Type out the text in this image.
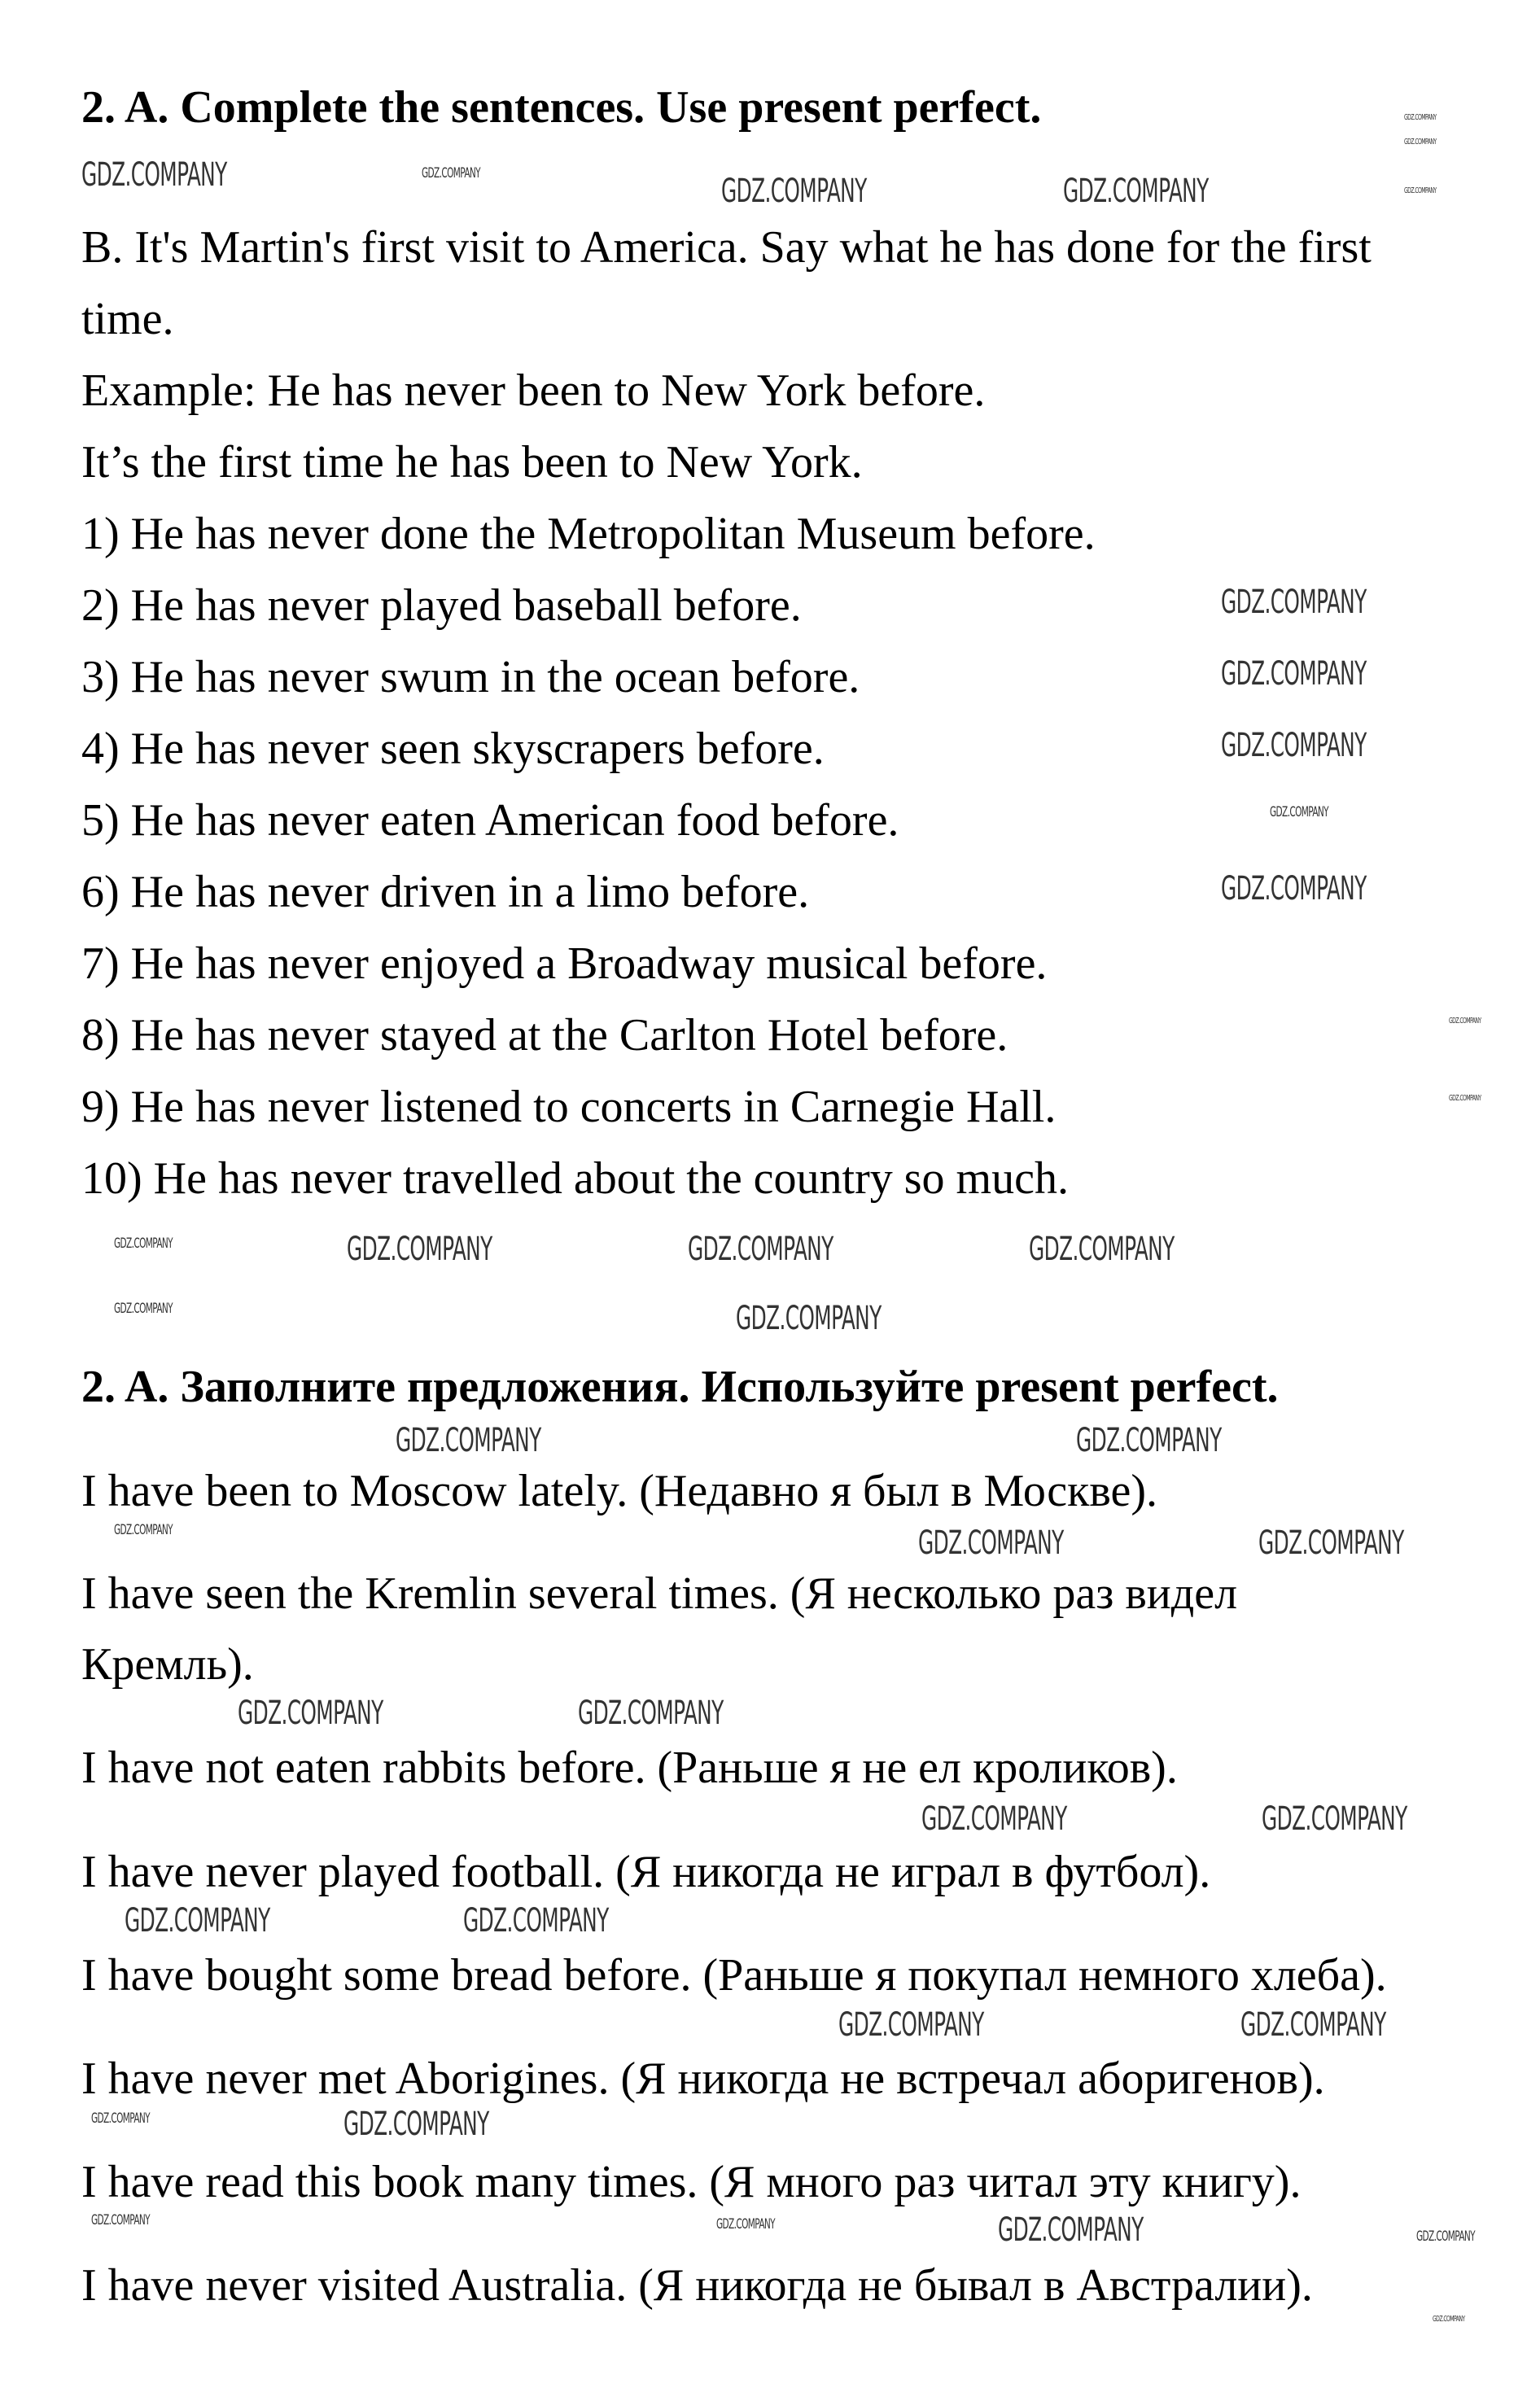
2. A. Complete the sentences. Use present perfect.
B. It's Martin's first visit to America. Say what he has done for the first
time.
Example: He has never been to New York before.
It’s the first time he has been to New York.
1) He has never done the Metropolitan Museum before.
2) He has never played baseball before.
3) He has never swum in the ocean before.
4) He has never seen skyscrapers before.
5) He has never eaten American food before.
6) He has never driven in a limo before.
7) He has never enjoyed a Broadway musical before.
8) He has never stayed at the Carlton Hotel before.
9) He has never listened to concerts in Carnegie Hall.
10) He has never travelled about the country so much.
2. A. Заполните предложения. Используйте present perfect.
I have been to Moscow lately. (Недавно я был в Москве).
I have seen the Kremlin several times. (Я несколько раз видел
Кремль).
I have not eaten rabbits before. (Раньше я не ел кроликов).
I have never played football. (Я никогда не играл в футбол).
I have bought some bread before. (Раньше я покупал немного хлеба).
I have never met Aborigines. (Я никогда не встречал аборигенов).
I have read this book many times. (Я много раз читал эту книгу).
I have never visited Australia. (Я никогда не бывал в Австралии).
GDZ.COMPANY	GDZ.COMPANY	GDZ.COMPANY	GDZ.COMPANY
GDZ.COMPANY
GDZ.COMPANY
GDZ.COMPANY
GDZ.COMPANY
GDZ.COMPANY
GDZ.COMPANY
GDZ.COMPANY
GDZ.COMPANY	GDZ.COMPANY	GDZ.COMPANY	GDZ.COMPANY
GDZ.COMPANY	GDZ.COMPANY
GDZ.COMPANY
GDZ.COMPANY
GDZ.COMPANY
GDZ.COMPANY	GDZ.COMPANY
GDZ.COMPANY	GDZ.COMPANY	GDZ.COMPANY
GDZ.COMPANY
GDZ.COMPANY
GDZ.COMPANY	GDZ.COMPANY
GDZ.COMPANY	GDZ.COMPANY
GDZ.COMPANY	GDZ.COMPANY
GDZ.COMPANY	GDZ.COMPANY
GDZ.COMPANY	GDZ.COMPANY	GDZ.COMPANY	GDZ.COMPANY
GDZ.COMPANY
